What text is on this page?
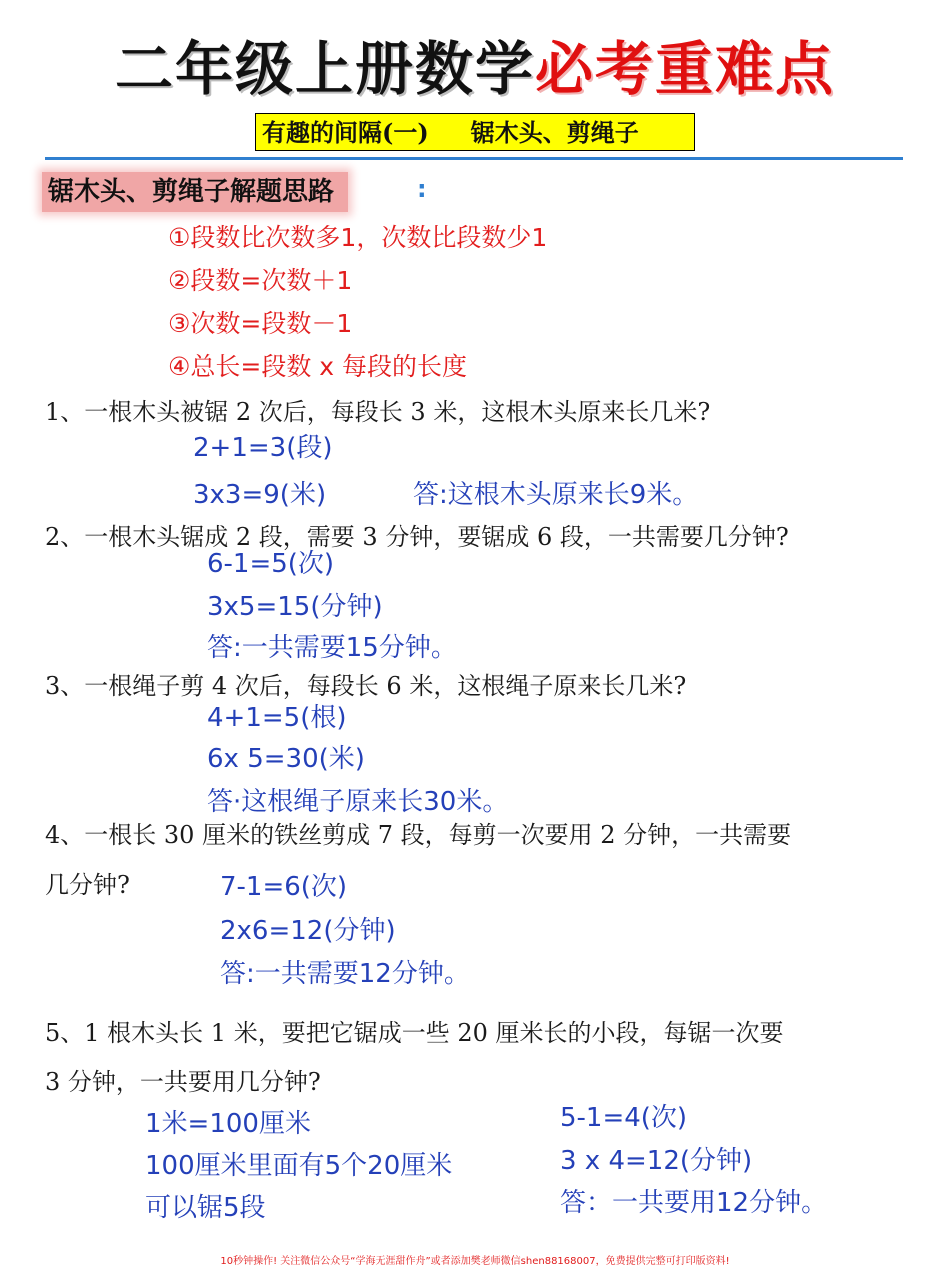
二年级上册数学必考重难点
有趣的间隔(一) 锯木头、剪绳子
锯木头、剪绳子解题思路	:
①段数比次数多1，次数比段数少1
②段数=次数＋1
③次数=段数－1
④总长=段数 x 每段的长度
1、一根木头被锯 2 次后，每段长 3 米，这根木头原来长几米?
2+1=3(段)
3x3=9(米)	答:这根木头原来长9米。
2、一根木头锯成 2 段，需要 3 分钟，要锯成 6 段，一共需要几分钟?
6-1=5(次)
3x5=15(分钟)
答:一共需要15分钟。
3、一根绳子剪 4 次后，每段长 6 米，这根绳子原来长几米?
4+1=5(根)
6x 5=30(米)
答·这根绳子原来长30米。
4、一根长 30 厘米的铁丝剪成 7 段，每剪一次要用 2 分钟，一共需要
几分钟?	7-1=6(次)
2x6=12(分钟)
答:一共需要12分钟。
5、1 根木头长 1 米，要把它锯成一些 20 厘米长的小段，每锯一次要
3 分钟，一共要用几分钟?
1米=100厘米
100厘米里面有5个20厘米
可以锯5段
5-1=4(次)
3 x 4=12(分钟)
答：一共要用12分钟。
10秒钟操作! 关注微信公众号“学海无涯甜作舟”或者添加樊老师微信shen88168007，免费提供完整可打印版资料!
